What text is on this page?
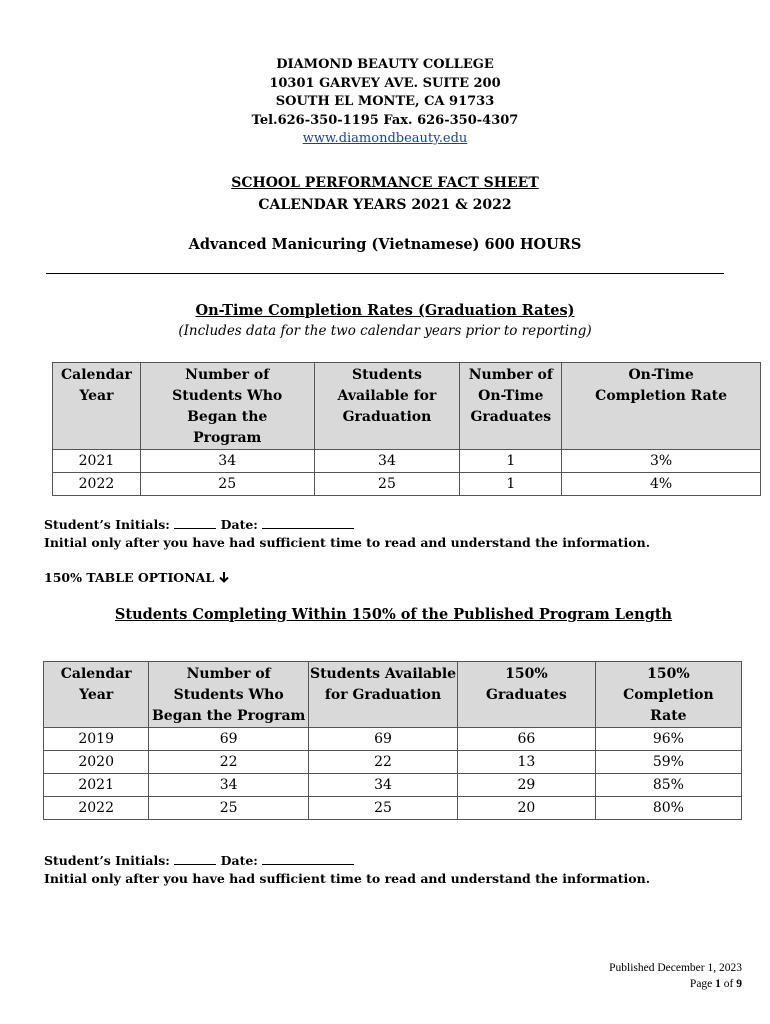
DIAMOND BEAUTY COLLEGE
10301 GARVEY AVE. SUITE 200
SOUTH EL MONTE, CA 91733
Tel.626-350-1195 Fax. 626-350-4307
www.diamondbeauty.edu
SCHOOL PERFORMANCE FACT SHEET
CALENDAR YEARS 2021 & 2022
Advanced Manicuring (Vietnamese) 600 HOURS
On-Time Completion Rates (Graduation Rates)
(Includes data for the two calendar years prior to reporting)
Calendar Year	Number of Students Who Began the Program	Students Available for Graduation	Number of On-Time Graduates	On-Time Completion Rate
2021	34	34	1	3%
2022	25	25	1	4%
Student’s Initials:	Date:
Initial only after you have had sufficient time to read and understand the information.
150% TABLE OPTIONAL
Students Completing Within 150% of the Published Program Length
Calendar Year	Number of Students Who Began the Program	Students Available for Graduation	150% Graduates	150% Completion Rate
2019	69	69	66	96%
2020	22	22	13	59%
2021	34	34	29	85%
2022	25	25	20	80%
Student’s Initials:	Date:
Initial only after you have had sufficient time to read and understand the information.
Published December 1, 2023
Page 1 of 9
